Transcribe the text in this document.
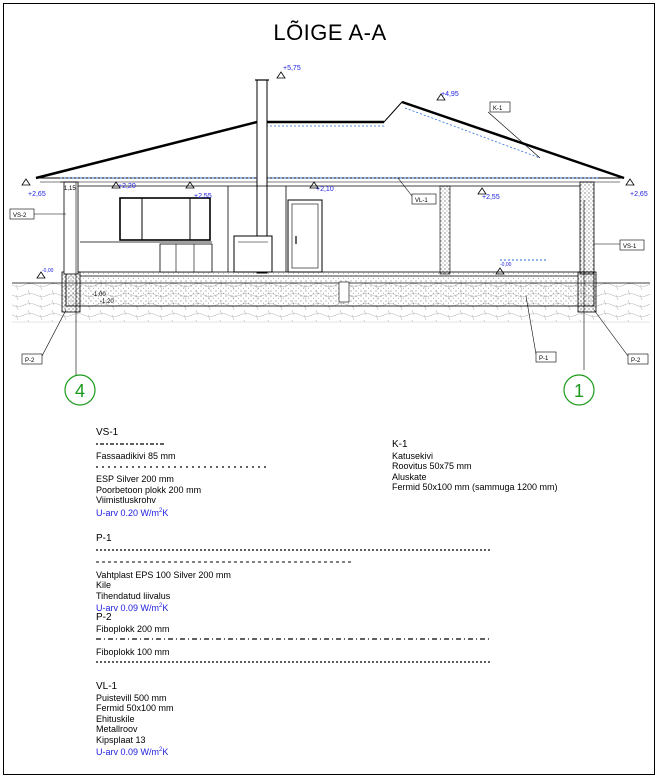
LÕIGE A-A
+5,75
+4,95
+2,65	+2,65
+2,20
+2,55
+2,10
+2,55
-0,00
-0,00
-1,00
-1,20
1,15
K-1
VL-1
VS-2
VS-1
P-2	P-1	P-2
4	1
VS-1
Fassaadikivi 85 mm
ESP Silver 200 mm
Poorbetoon plokk 200 mm
Viimistluskrohv
U-arv 0.20 $W/m^2K$
K-1
Katusekivi
Roovitus 50x75 mm
Aluskate
Fermid 50x100 mm (sammuga 1200 mm)
P-1

Vahtplast EPS 100 Silver 200 mm
Kile
Tihendatud liivalus
U-arv 0.09 $W/m^2K$
P-2
Fiboplokk 200 mm
Fiboplokk 100 mm
VL-1
Puistevill 500 mm
Fermid 50x100 mm
Ehituskile
Metallroov
Kipsplaat 13
U-arv 0.09 $W/m^2K$
